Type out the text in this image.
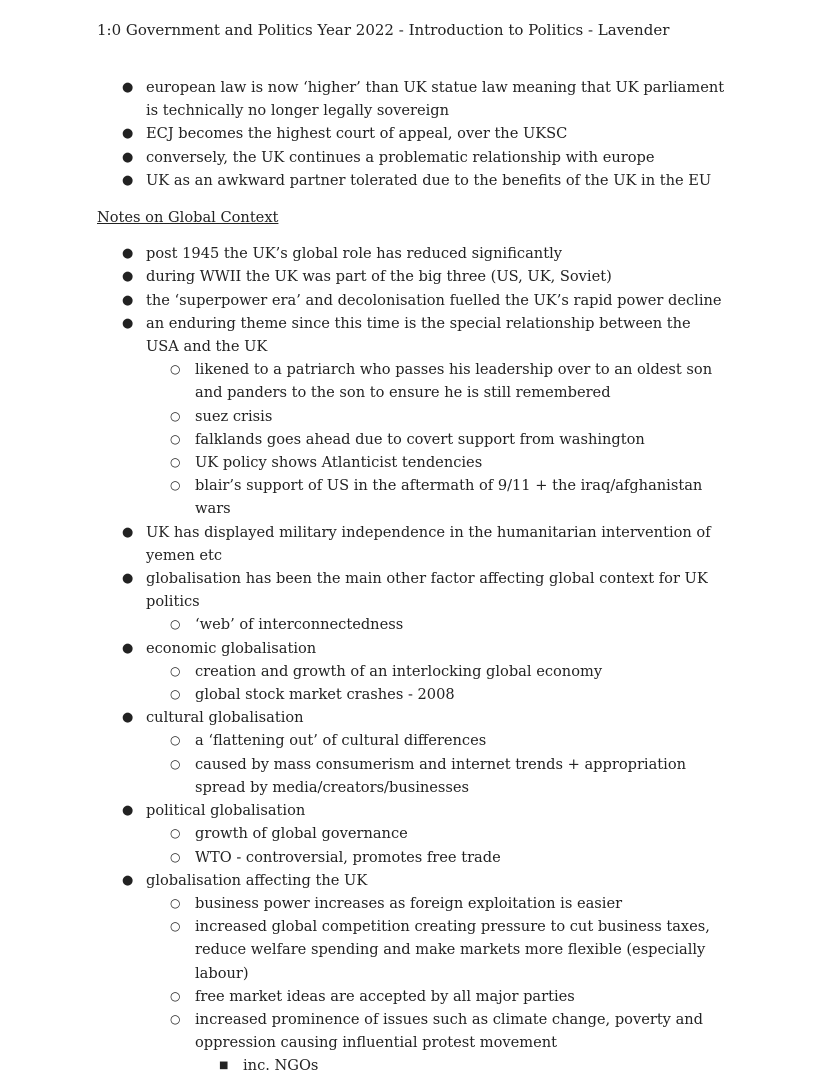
1:0 Government and Politics Year 2022 - Introduction to Politics - Lavender
● european law is now ‘higher’ than UK statue law meaning that UK parliament is technically no longer legally sovereign
● ECJ becomes the highest court of appeal, over the UKSC
● conversely, the UK continues a problematic relationship with europe
● UK as an awkward partner tolerated due to the benefits of the UK in the EU
Notes on Global Context
● post 1945 the UK’s global role has reduced significantly
● during WWII the UK was part of the big three (US, UK, Soviet)
● the ‘superpower era’ and decolonisation fuelled the UK’s rapid power decline
● an enduring theme since this time is the special relationship between the USA and the UK
○ likened to a patriarch who passes his leadership over to an oldest son and panders to the son to ensure he is still remembered
○ suez crisis
○ falklands goes ahead due to covert support from washington
○ UK policy shows Atlanticist tendencies
○ blair’s support of US in the aftermath of 9/11 + the iraq/afghanistan wars
● UK has displayed military independence in the humanitarian intervention of yemen etc
● globalisation has been the main other factor affecting global context for UK politics
○ ‘web’ of interconnectedness
● economic globalisation
○ creation and growth of an interlocking global economy
○ global stock market crashes - 2008
● cultural globalisation
○ a ‘flattening out’ of cultural differences
○ caused by mass consumerism and internet trends + appropriation spread by media/creators/businesses
● political globalisation
○ growth of global governance
○ WTO - controversial, promotes free trade
● globalisation affecting the UK
○ business power increases as foreign exploitation is easier
○ increased global competition creating pressure to cut business taxes, reduce welfare spending and make markets more flexible (especially labour)
○ free market ideas are accepted by all major parties
○ increased prominence of issues such as climate change, poverty and oppression causing influential protest movement
■ inc. NGOs
